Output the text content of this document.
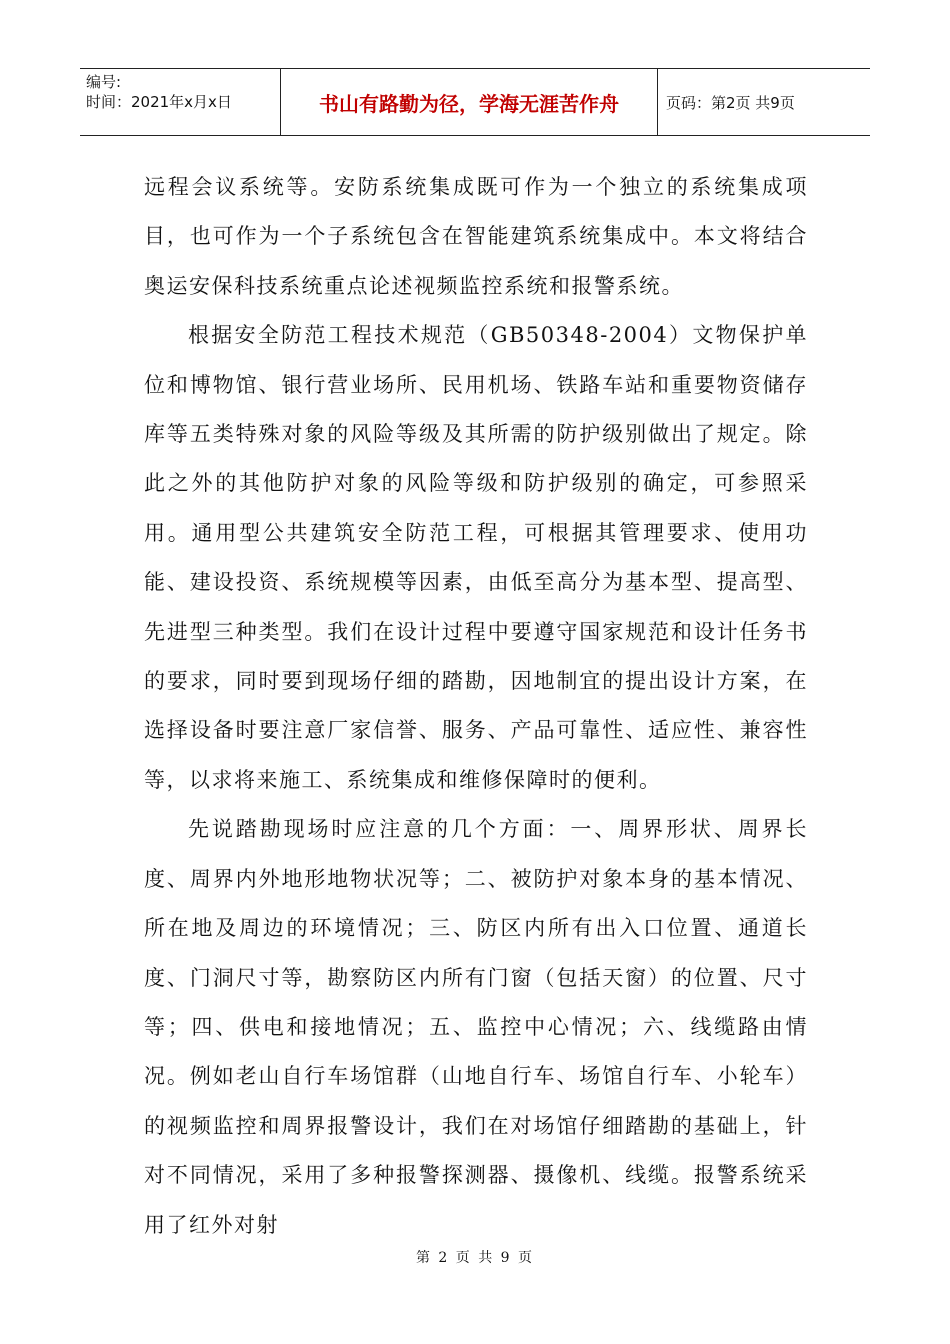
编号:
时间：2021年x月x日	书山有路勤为径，学海无涯苦作舟	页码：第2页 共9页

远程会议系统等。安防系统集成既可作为一个独立的系统集成项目，也可作为一个子系统包含在智能建筑系统集成中。本文将结合奥运安保科技系统重点论述视频监控系统和报警系统。

根据安全防范工程技术规范（GB50348-2004）文物保护单位和博物馆、银行营业场所、民用机场、铁路车站和重要物资储存库等五类特殊对象的风险等级及其所需的防护级别做出了规定。除此之外的其他防护对象的风险等级和防护级别的确定，可参照采用。通用型公共建筑安全防范工程，可根据其管理要求、使用功能、建设投资、系统规模等因素，由低至高分为基本型、提高型、先进型三种类型。我们在设计过程中要遵守国家规范和设计任务书的要求，同时要到现场仔细的踏勘，因地制宜的提出设计方案，在选择设备时要注意厂家信誉、服务、产品可靠性、适应性、兼容性等，以求将来施工、系统集成和维修保障时的便利。

先说踏勘现场时应注意的几个方面：一、周界形状、周界长度、周界内外地形地物状况等；二、被防护对象本身的基本情况、所在地及周边的环境情况；三、防区内所有出入口位置、通道长度、门洞尺寸等，勘察防区内所有门窗（包括天窗）的位置、尺寸等；四、供电和接地情况；五、监控中心情况；六、线缆路由情况。例如老山自行车场馆群（山地自行车、场馆自行车、小轮车）的视频监控和周界报警设计，我们在对场馆仔细踏勘的基础上，针对不同情况，采用了多种报警探测器、摄像机、线缆。报警系统采用了红外对射

第 2 页 共 9 页
